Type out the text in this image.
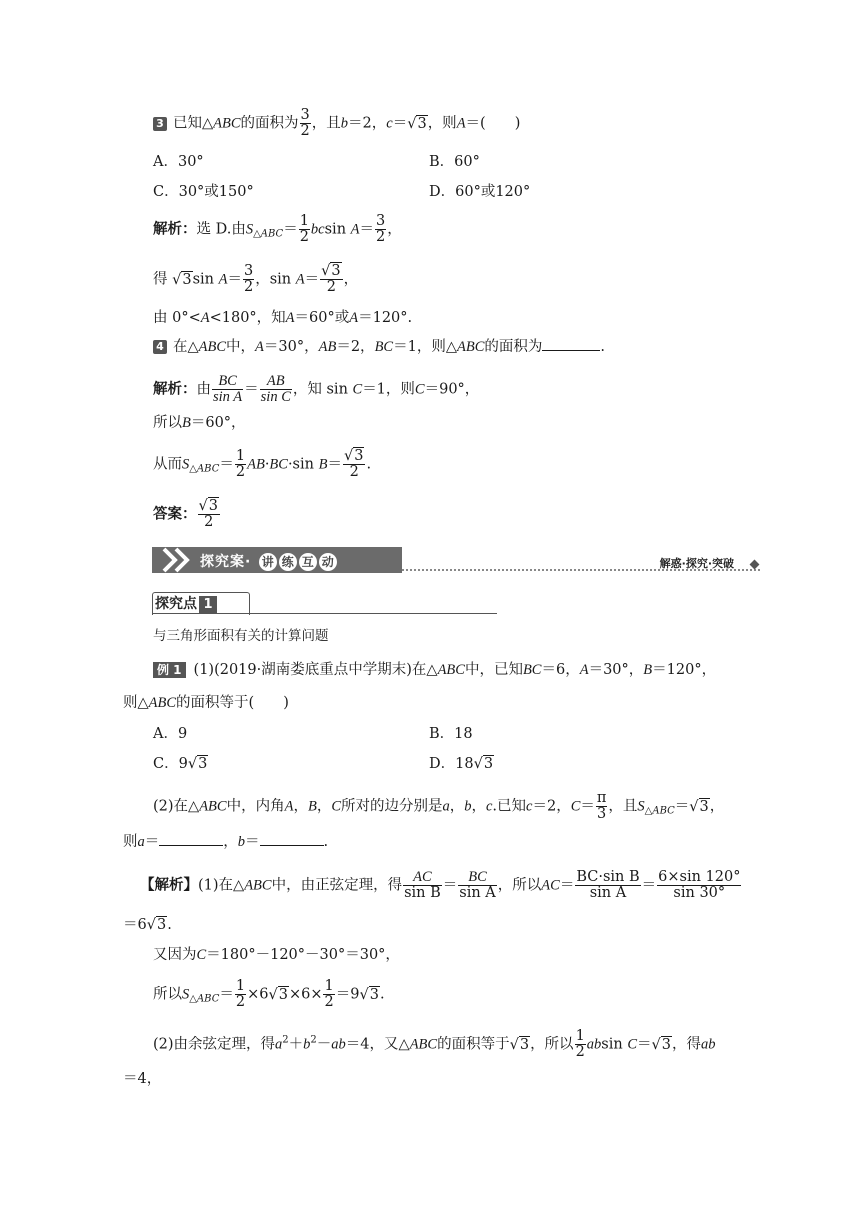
3 已知△ABC的面积为 $\frac{3}{2}$ ，且b＝2，c＝√3，则A＝(　　)
A．30°	B．60°
C．30°或150°	D．60°或120°
解析：选 D.由$S_{\triangle ABC}= \frac{1}{2}$ bcsin $A= \frac{3}{2}$ ，
得 √3sin $A= \frac{3}{2}$ ，$\sin A= \frac{√3}{2}$ ，
由 0°<A<180°，知A＝60°或A＝120°.
4 在△ABC中，A＝30°，AB＝2，BC＝1，则△ABC的面积为	.
解析：由 $\frac{BC}{\text{sin A}} = \frac{AB}{\text{sin C}}$ ，知 sin C＝1，则C＝90°，
所以B＝60°，
从而$S_{\triangle ABC}= \frac{1}{2} AB\cdot BC\cdot\sin$ $B= \frac{√3}{2}$ .
答案： $\frac{√3}{2}$
探究案· 讲 练 互 动	解惑·探究·突破
探究点 1
与三角形面积有关的计算问题
例 1 (1)(2019·湖南娄底重点中学期末)在△ABC中，已知BC＝6，A＝30°，B＝120°，
则△ABC的面积等于(　　)
A．9	B．18
C．9√3	D．18√3
(2)在△ABC中，内角A，B，C所对的边分别是a，b，c.已知c＝2，$C= \frac{\pi}{3}$ ，且$S_{\triangle ABC}=√3$，
则a＝	，b＝	.
【解析】(1)在△ABC中，由正弦定理，得 $\frac{AC}{\text{sin B}} = \frac{BC}{\text{sin A}}$ ，所以$AC= \frac{\text{BC·sin B}}{\text{sin A}} = \frac{6\times\sin 120^\circ}{\sin 30^\circ}$
＝6√3.
又因为C＝180°－120°－30°＝30°，
所以$S_{\triangle ABC}= \frac{1}{2} \times 6√3\times 6\times \frac{1}{2} =9√3$.
(2)由余弦定理，得$a^2+b^2-ab=4$，又△ABC的面积等于√3，所以 $\frac{1}{2}$ absin C＝√3，得ab
＝4，
